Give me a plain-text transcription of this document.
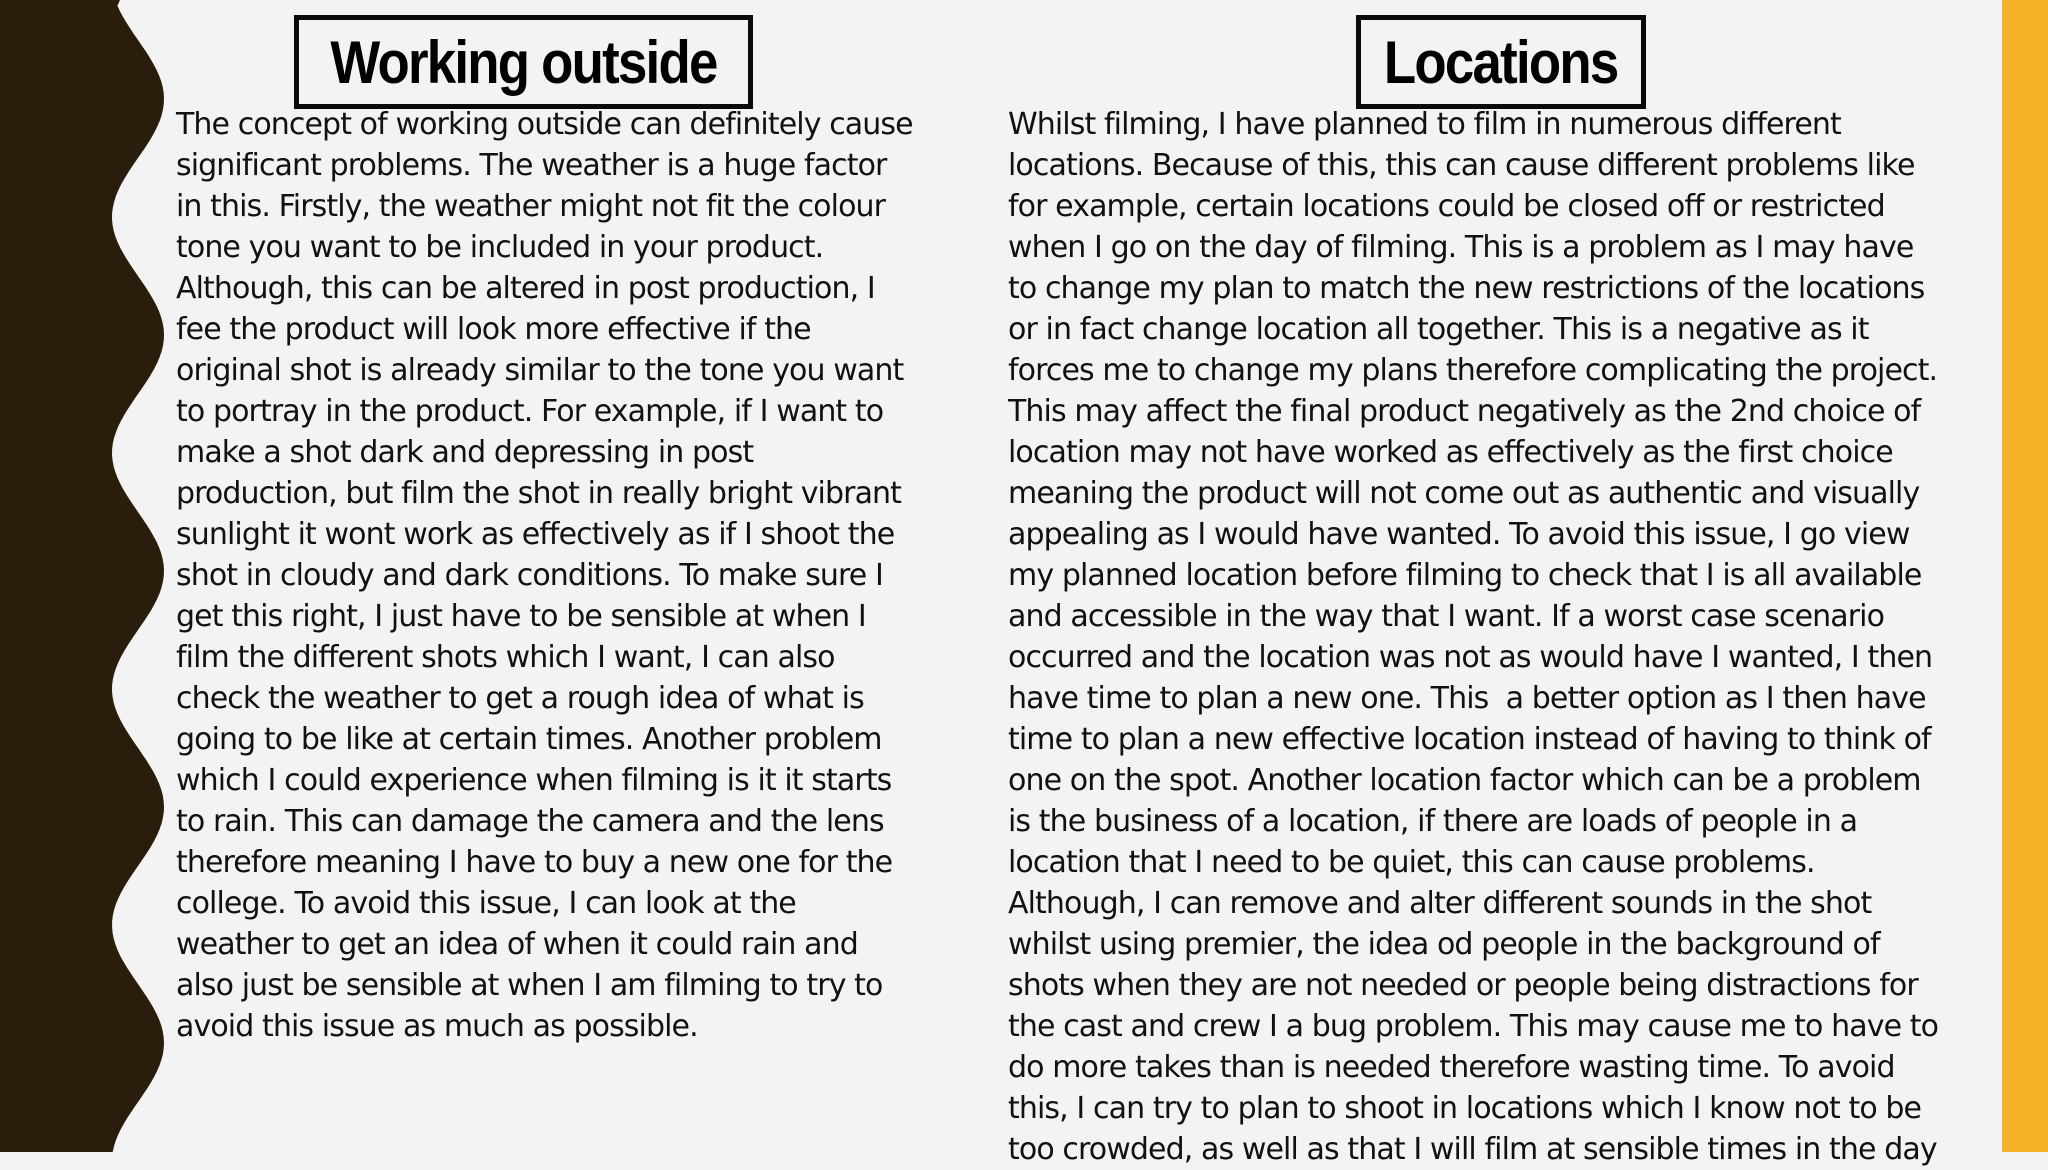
Working outside	Locations
The concept of working outside can definitely cause
significant problems. The weather is a huge factor
in this. Firstly, the weather might not fit the colour
tone you want to be included in your product.
Although, this can be altered in post production, I
fee the product will look more effective if the
original shot is already similar to the tone you want
to portray in the product. For example, if I want to
make a shot dark and depressing in post
production, but film the shot in really bright vibrant
sunlight it wont work as effectively as if I shoot the
shot in cloudy and dark conditions. To make sure I
get this right, I just have to be sensible at when I
film the different shots which I want, I can also
check the weather to get a rough idea of what is
going to be like at certain times. Another problem
which I could experience when filming is it it starts
to rain. This can damage the camera and the lens
therefore meaning I have to buy a new one for the
college. To avoid this issue, I can look at the
weather to get an idea of when it could rain and
also just be sensible at when I am filming to try to
avoid this issue as much as possible.
Whilst filming, I have planned to film in numerous different
locations. Because of this, this can cause different problems like
for example, certain locations could be closed off or restricted
when I go on the day of filming. This is a problem as I may have
to change my plan to match the new restrictions of the locations
or in fact change location all together. This is a negative as it
forces me to change my plans therefore complicating the project.
This may affect the final product negatively as the 2nd choice of
location may not have worked as effectively as the first choice
meaning the product will not come out as authentic and visually
appealing as I would have wanted. To avoid this issue, I go view
my planned location before filming to check that I is all available
and accessible in the way that I want. If a worst case scenario
occurred and the location was not as would have I wanted, I then
have time to plan a new one. This  a better option as I then have
time to plan a new effective location instead of having to think of
one on the spot. Another location factor which can be a problem
is the business of a location, if there are loads of people in a
location that I need to be quiet, this can cause problems.
Although, I can remove and alter different sounds in the shot
whilst using premier, the idea od people in the background of
shots when they are not needed or people being distractions for
the cast and crew I a bug problem. This may cause me to have to
do more takes than is needed therefore wasting time. To avoid
this, I can try to plan to shoot in locations which I know not to be
too crowded, as well as that I will film at sensible times in the day
